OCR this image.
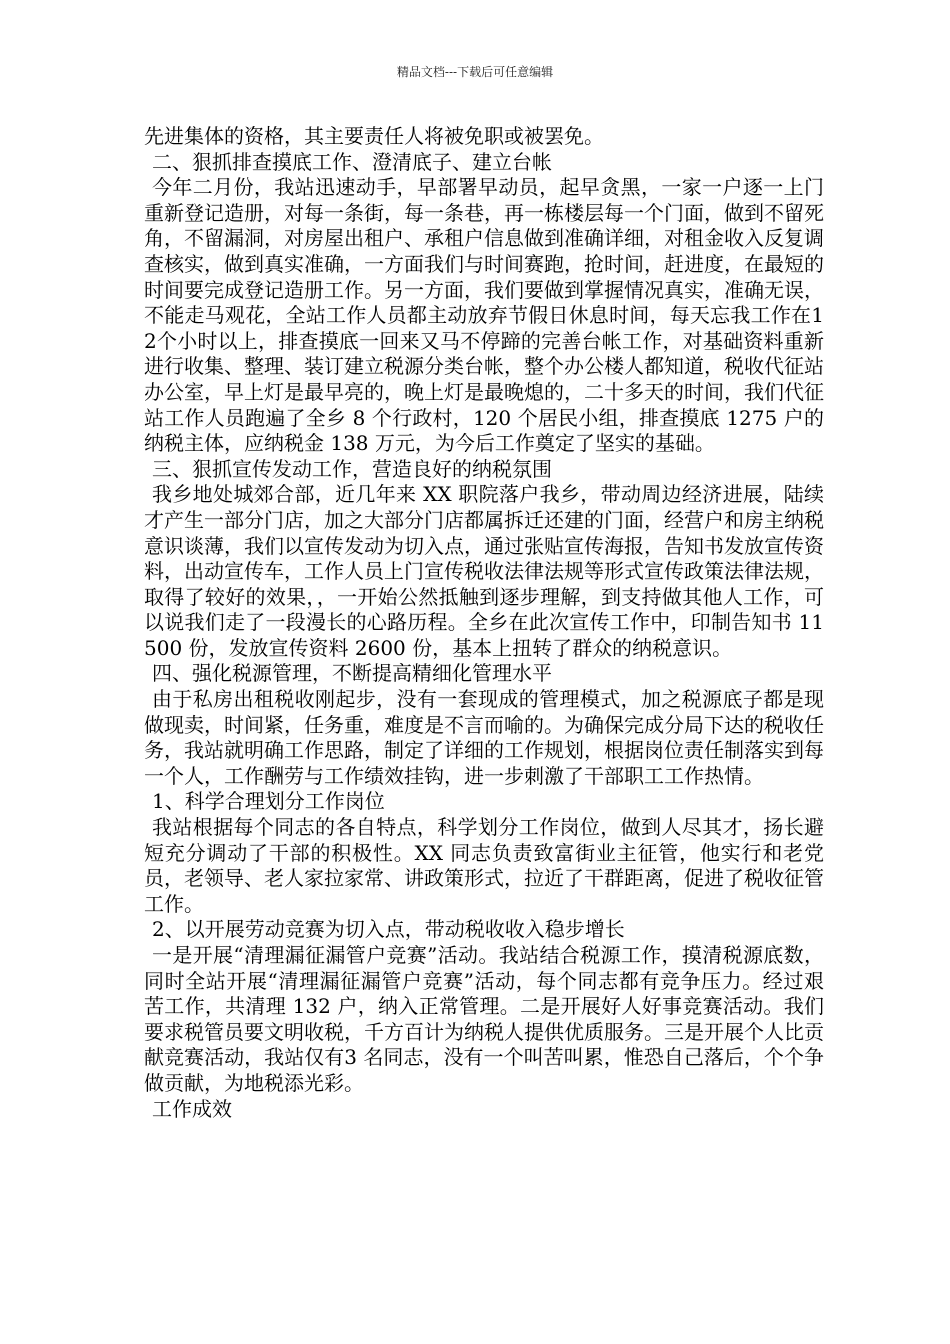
精品文档---下载后可任意编辑

先进集体的资格，其主要责任人将被免职或被罢免。

二、狠抓排查摸底工作、澄清底子、建立台帐

今年二月份，我站迅速动手，早部署早动员，起早贪黑，一家一户逐一上门重新登记造册，对每一条街，每一条巷，再一栋楼层每一个门面，做到不留死角，不留漏洞，对房屋出租户、承租户信息做到准确详细，对租金收入反复调查核实，做到真实准确，一方面我们与时间赛跑，抢时间，赶进度，在最短的时间要完成登记造册工作。另一方面，我们要做到掌握情况真实，准确无误，不能走马观花，全站工作人员都主动放弃节假日休息时间，每天忘我工作在12个小时以上，排查摸底一回来又马不停蹄的完善台帐工作，对基础资料重新进行收集、整理、装订建立税源分类台帐，整个办公楼人都知道，税收代征站办公室，早上灯是最早亮的，晚上灯是最晚熄的，二十多天的时间，我们代征站工作人员跑遍了全乡 8 个行政村，120 个居民小组，排查摸底 1275 户的纳税主体，应纳税金 138 万元，为今后工作奠定了坚实的基础。

三、狠抓宣传发动工作，营造良好的纳税氛围

我乡地处城郊合部，近几年来 XX 职院落户我乡，带动周边经济进展，陆续才产生一部分门店，加之大部分门店都属拆迁还建的门面，经营户和房主纳税意识谈薄，我们以宣传发动为切入点，通过张贴宣传海报，告知书发放宣传资料，出动宣传车，工作人员上门宣传税收法律法规等形式宣传政策法律法规，取得了较好的效果，，一开始公然抵触到逐步理解，到支持做其他人工作，可以说我们走了一段漫长的心路历程。全乡在此次宣传工作中，印制告知书 11500 份，发放宣传资料 2600 份，基本上扭转了群众的纳税意识。

四、强化税源管理，不断提高精细化管理水平

由于私房出租税收刚起步，没有一套现成的管理模式，加之税源底子都是现做现卖，时间紧，任务重，难度是不言而喻的。为确保完成分局下达的税收任务，我站就明确工作思路，制定了详细的工作规划，根据岗位责任制落实到每一个人，工作酬劳与工作绩效挂钩，进一步刺激了干部职工工作热情。

1、科学合理划分工作岗位

我站根据每个同志的各自特点，科学划分工作岗位，做到人尽其才，扬长避短充分调动了干部的积极性。XX 同志负责致富街业主征管，他实行和老党员，老领导、老人家拉家常、讲政策形式，拉近了干群距离，促进了税收征管工作。

2、以开展劳动竞赛为切入点，带动税收收入稳步增长

一是开展“清理漏征漏管户竞赛”活动。我站结合税源工作，摸清税源底数，同时全站开展“清理漏征漏管户竞赛”活动，每个同志都有竞争压力。经过艰苦工作，共清理 132 户，纳入正常管理。二是开展好人好事竞赛活动。我们要求税管员要文明收税，千方百计为纳税人提供优质服务。三是开展个人比贡献竞赛活动，我站仅有3 名同志，没有一个叫苦叫累，惟恐自己落后，个个争做贡献，为地税添光彩。

工作成效
